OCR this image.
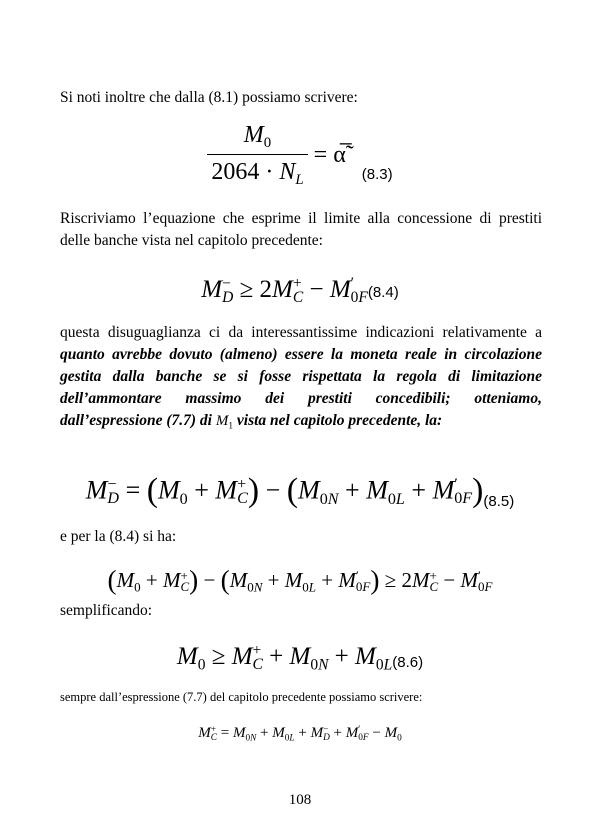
Si noti inoltre che dalla (8.1) possiamo scrivere:
$\frac{M_0}{2064 \cdot N_L}$ = α̅̃ $_{(8.3)}$
Riscriviamo l’equazione che esprime il limite alla concessione di prestiti delle banche vista nel capitolo precedente:
M −
D ≥ 2M +
C − M ′
0F (8.4)
questa disuguaglianza ci da interessantissime indicazioni relativamente a quanto avrebbe dovuto (almeno) essere la moneta reale in circolazione gestita dalla banche se si fosse rispettata la regola di limitazione dell’ammontare massimo dei prestiti concedibili; otteniamo, dall’espressione (7.7) di $M_1$ vista nel capitolo precedente, la:
M −
$D = (M_0 + M$ +
C ) − ($M_{0N} + M_{0L} + M$ ′
0F )$_{(8.5)}$
e per la (8.4) si ha:
($M_0 + M$ +
C ) − ($M_{0N} + M_{0L} + M$ ′
0F ) ≥ 2M +
C − M ′
0F
semplificando:
$M_0 \ge M$ +
$C + M_{0N} + M_{0L}(8.6)$
sempre dall’espressione (7.7) del capitolo precedente possiamo scrivere:
M +
$C = M_{0N} + M_{0L} + M$ −
D + M ′
$0F - M_0$
108
